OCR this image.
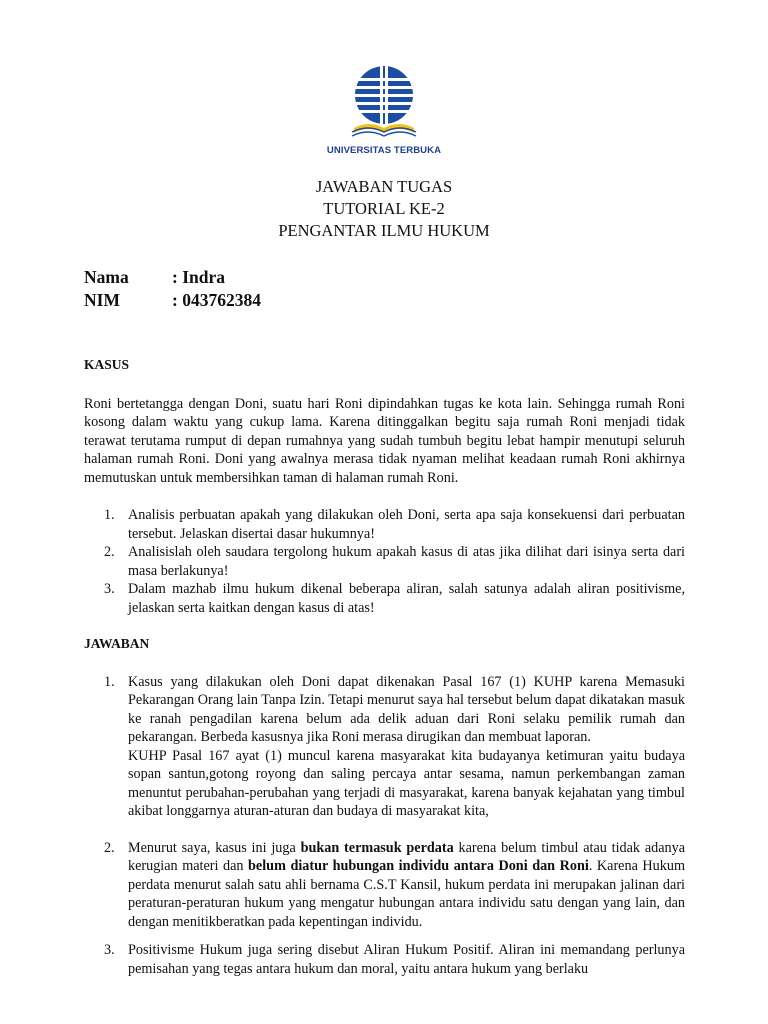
UNIVERSITAS TERBUKA
JAWABAN TUGAS
TUTORIAL KE-2
PENGANTAR ILMU HUKUM
Nama	: Indra
NIM	: 043762384

KASUS

Roni bertetangga dengan Doni, suatu hari Roni dipindahkan tugas ke kota lain. Sehingga rumah Roni kosong dalam waktu yang cukup lama. Karena ditinggalkan begitu saja rumah Roni menjadi tidak terawat terutama rumput di depan rumahnya yang sudah tumbuh begitu lebat hampir menutupi seluruh halaman rumah Roni. Doni yang awalnya merasa tidak nyaman melihat keadaan rumah Roni akhirnya memutuskan untuk membersihkan taman di halaman rumah Roni.

1. Analisis perbuatan apakah yang dilakukan oleh Doni, serta apa saja konsekuensi dari perbuatan tersebut. Jelaskan disertai dasar hukumnya!

2. Analisislah oleh saudara tergolong hukum apakah kasus di atas jika dilihat dari isinya serta dari masa berlakunya!

3. Dalam mazhab ilmu hukum dikenal beberapa aliran, salah satunya adalah aliran positivisme, jelaskan serta kaitkan dengan kasus di atas!

JAWABAN

1. Kasus yang dilakukan oleh Doni dapat dikenakan Pasal 167 (1) KUHP karena Memasuki Pekarangan Orang lain Tanpa Izin. Tetapi menurut saya hal tersebut belum dapat dikatakan masuk ke ranah pengadilan karena belum ada delik aduan dari Roni selaku pemilik rumah dan pekarangan. Berbeda kasusnya jika Roni merasa dirugikan dan membuat laporan.

KUHP Pasal 167 ayat (1) muncul karena masyarakat kita budayanya ketimuran yaitu budaya sopan santun,gotong royong dan saling percaya antar sesama, namun perkembangan zaman menuntut perubahan-perubahan yang terjadi di masyarakat, karena banyak kejahatan yang timbul akibat longgarnya aturan-aturan dan budaya di masyarakat kita,

2. Menurut saya, kasus ini juga bukan termasuk perdata karena belum timbul atau tidak adanya kerugian materi dan belum diatur hubungan individu antara Doni dan Roni. Karena Hukum perdata menurut salah satu ahli bernama C.S.T Kansil, hukum perdata ini merupakan jalinan dari peraturan-peraturan hukum yang mengatur hubungan antara individu satu dengan yang lain, dan dengan menitikberatkan pada kepentingan individu.

3. Positivisme Hukum juga sering disebut Aliran Hukum Positif. Aliran ini memandang perlunya pemisahan yang tegas antara hukum dan moral, yaitu antara hukum yang berlaku
